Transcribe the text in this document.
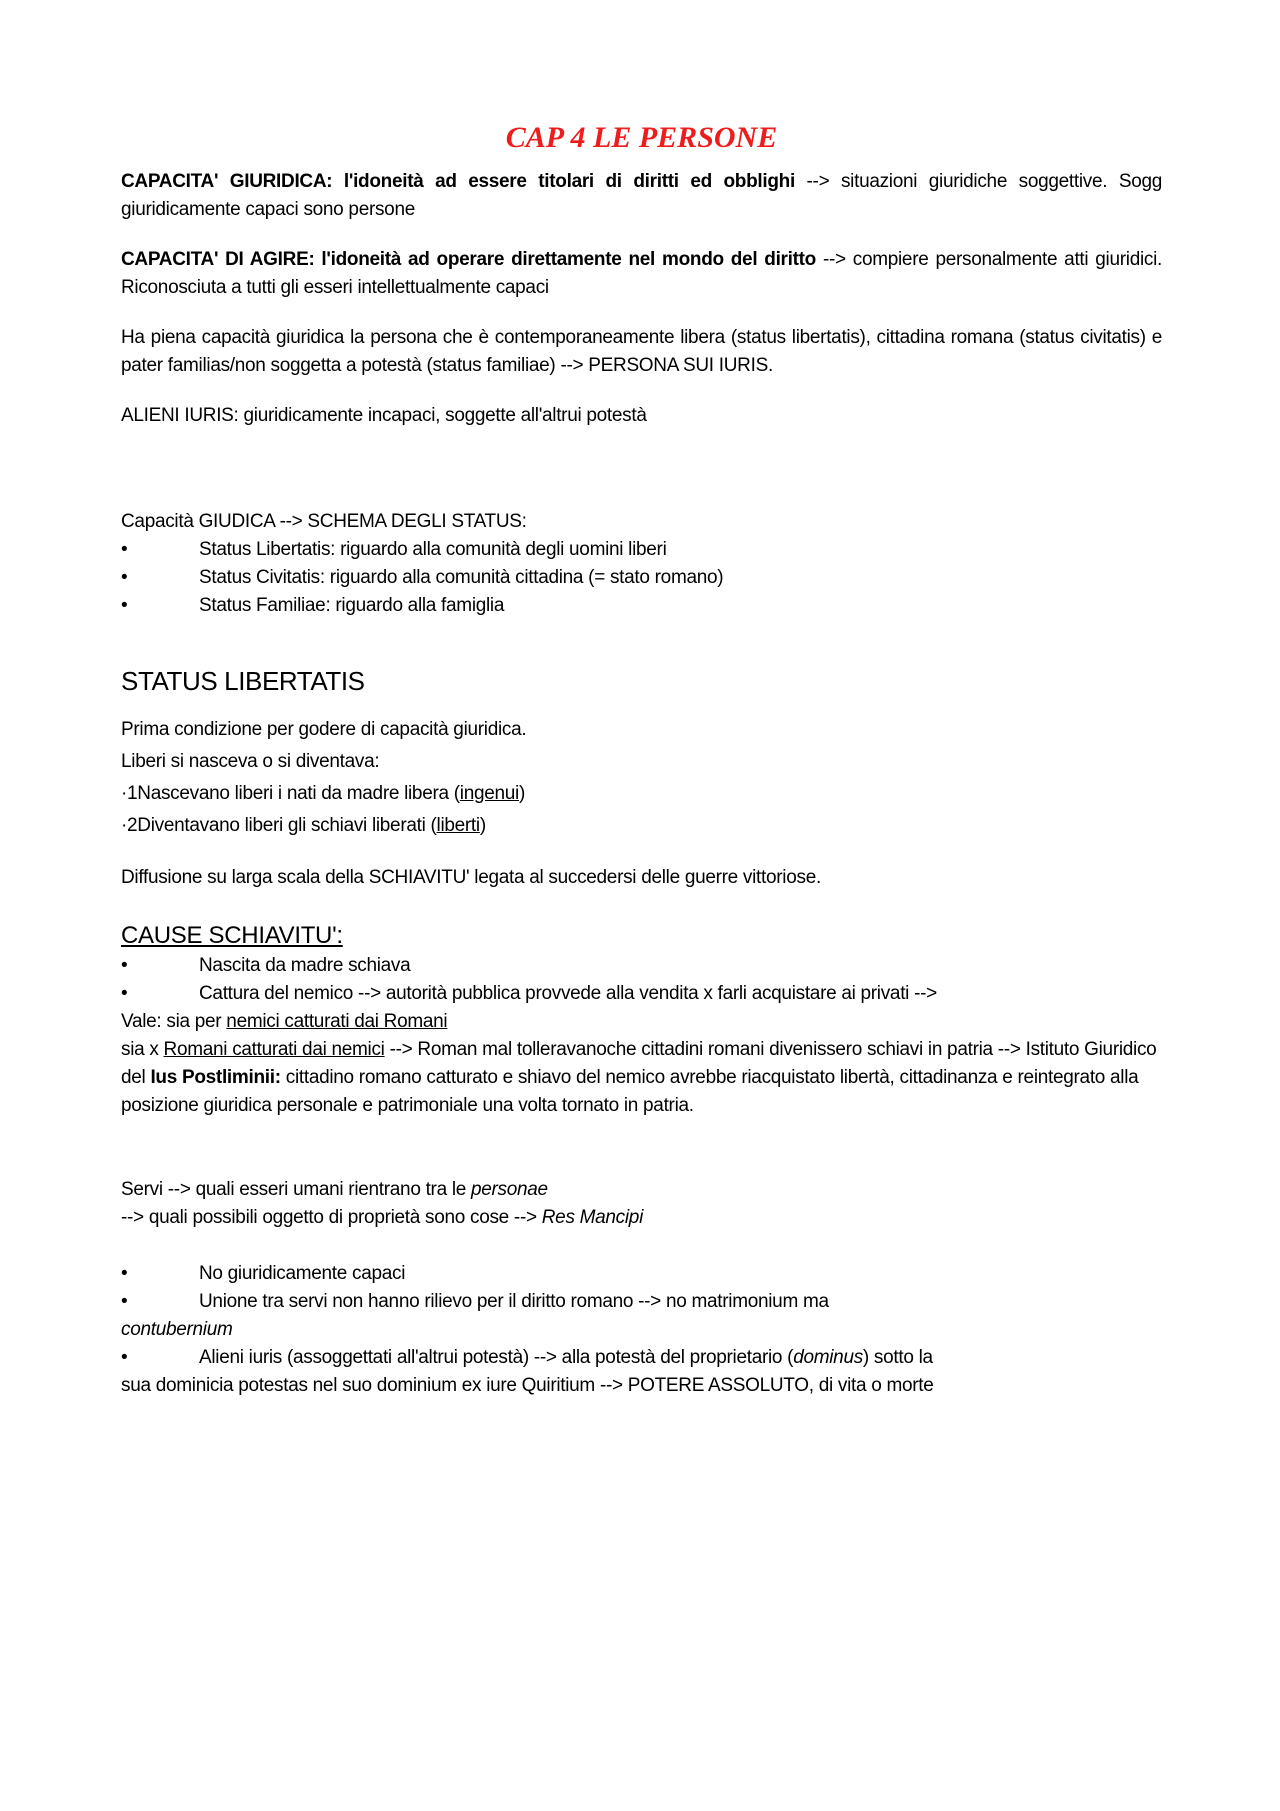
CAP 4 LE PERSONE

CAPACITA' GIURIDICA: l'idoneità ad essere titolari di diritti ed obblighi --> situazioni giuridiche soggettive. Sogg giuridicamente capaci sono persone

CAPACITA' DI AGIRE: l'idoneità ad operare direttamente nel mondo del diritto --> compiere personalmente atti giuridici. Riconosciuta a tutti gli esseri intellettualmente capaci

Ha piena capacità giuridica la persona che è contemporaneamente libera (status libertatis), cittadina romana (status civitatis) e pater familias/non soggetta a potestà (status familiae) --> PERSONA SUI IURIS.

ALIENI IURIS: giuridicamente incapaci, soggette all'altrui potestà

Capacità GIUDICA --> SCHEMA DEGLI STATUS:

•	Status Libertatis: riguardo alla comunità degli uomini liberi
•	Status Civitatis: riguardo alla comunità cittadina (= stato romano)
•	Status Familiae: riguardo alla famiglia
STATUS LIBERTATIS

Prima condizione per godere di capacità giuridica.

Liberi si nasceva o si diventava:

·1Nascevano liberi i nati da madre libera (ingenui)

·2Diventavano liberi gli schiavi liberati (liberti)

Diffusione su larga scala della SCHIAVITU' legata al succedersi delle guerre vittoriose.

CAUSE SCHIAVITU':

•	Nascita da madre schiava
•	Cattura del nemico --> autorità pubblica provvede alla vendita x farli acquistare ai privati -->

Vale: sia per nemici catturati dai Romani

sia x Romani catturati dai nemici --> Roman mal tolleravanoche cittadini romani divenissero schiavi in patria --> Istituto Giuridico del Ius Postliminii: cittadino romano catturato e shiavo del nemico avrebbe riacquistato libertà, cittadinanza e reintegrato alla posizione giuridica personale e patrimoniale una volta tornato in patria.

Servi --> quali esseri umani rientrano tra le personae

--> quali possibili oggetto di proprietà sono cose --> Res Mancipi

•	No giuridicamente capaci
•	Unione tra servi non hanno rilievo per il diritto romano --> no matrimonium ma

contubernium

•	Alieni iuris (assoggettati all'altrui potestà) --> alla potestà del proprietario (dominus) sotto la

sua dominicia potestas nel suo dominium ex iure Quiritium --> POTERE ASSOLUTO, di vita o morte
